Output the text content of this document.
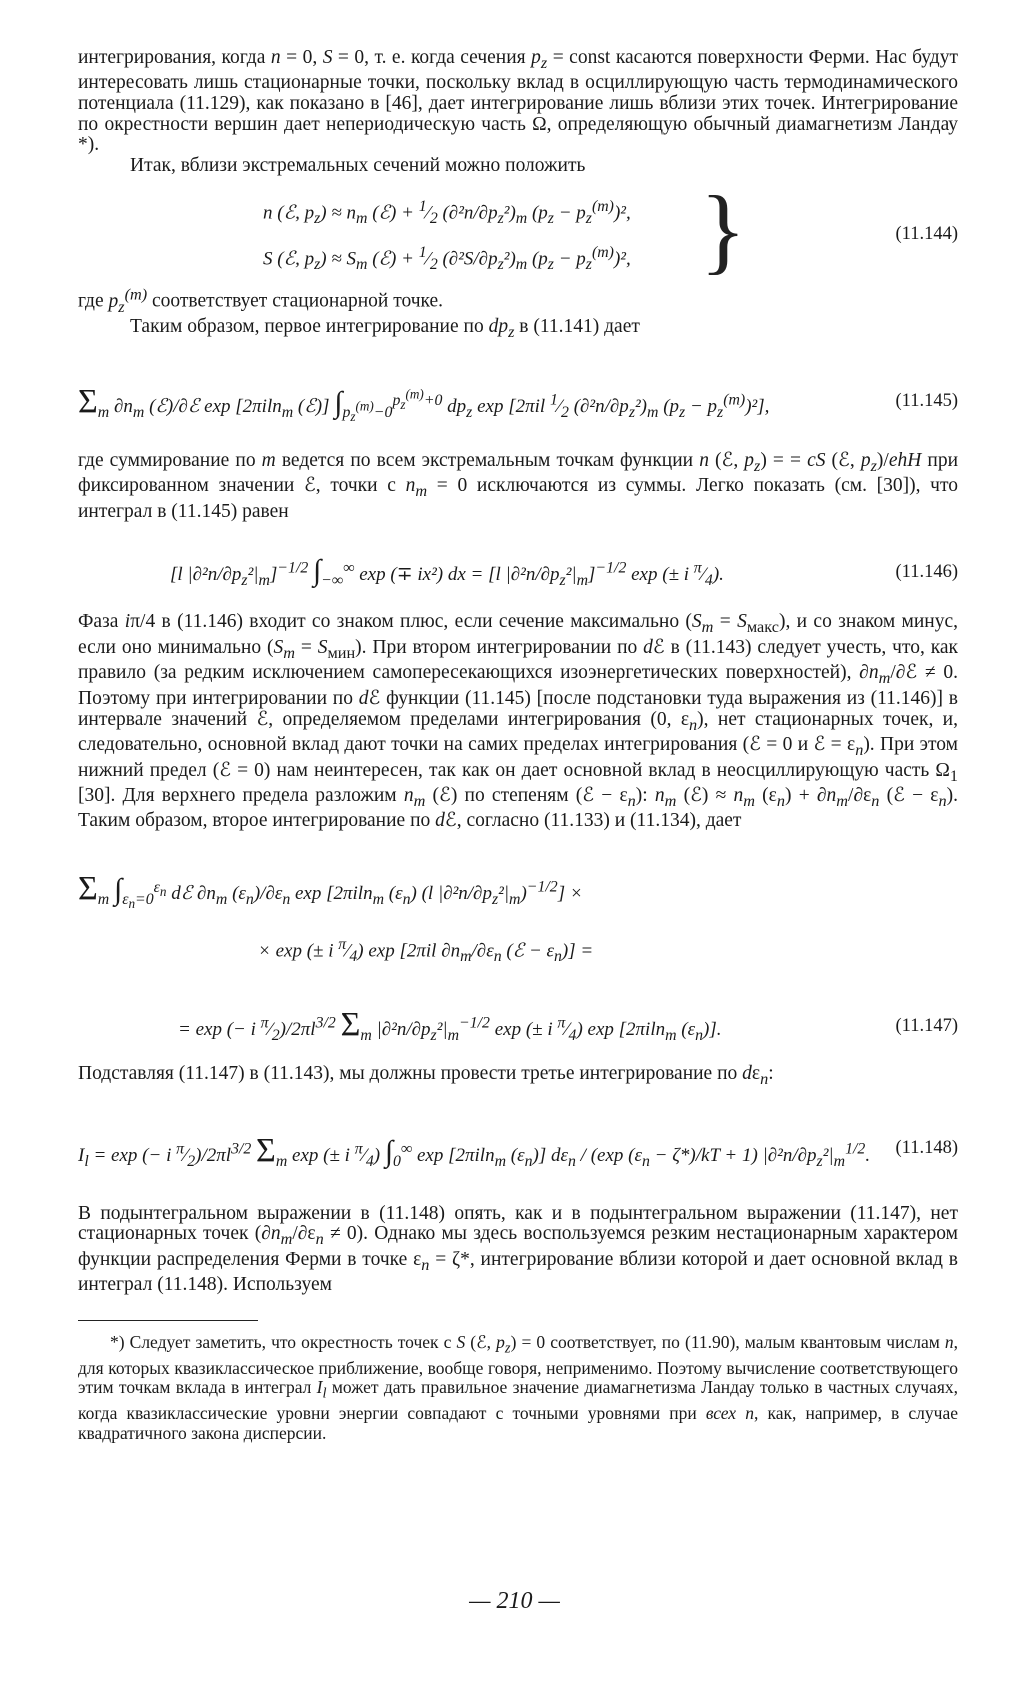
интегрирования, когда n = 0, S = 0, т. е. когда сечения $p_z$ = const касаются поверхности Ферми. Нас будут интересовать лишь стационарные точки, поскольку вклад в осциллирующую часть термодинамического потенциала (11.129), как показано в [46], дает интегрирование лишь вблизи этих точек. Интегрирование по окрестности вершин дает непериодическую часть Ω, определяющую обычный диамагнетизм Ландау *).

Итак, вблизи экстремальных сечений можно положить

n (ℰ, $p_z) \approx n_m$ (ℰ) + $^1⁄_2$ $(\partial^2n/\partial p_z^2)_m$ $(p_z - p_z^{(m)})^2$,
S (ℰ, $p_z) \approx S_m$ (ℰ) + $^1⁄_2$ $(\partial^2S/\partial p_z^2)_m$ $(p_z - p_z^{(m)})^2$, }	(11.144)

где $p_z^{(m)}$ соответствует стационарной точке.

Таким образом, первое интегрирование по $dp_z$ в (11.141) дает

$\Sigma_m$ $\partial n_m$ (ℰ)/∂ℰ exp [2πiln$_m$ (ℰ)] $\int_{p_z^{(m)}-0}^{p_z^{(m)}+0}$ $dp_z$ exp [2πil $^1⁄_2$ $(\partial^2n/\partial p_z^2)_m$ $(p_z - p_z^{(m)})^2$],	(11.145)

где суммирование по m ведется по всем экстремальным точкам функции n (ℰ, $p_z$) = = cS (ℰ, $p_z$)/ehH при фиксированном значении ℰ, точки с $n_m = 0$ исключаются из суммы. Легко показать (см. [30]), что интеграл в (11.145) равен

[l $|\partial^2n/\partial p_z^2|_m]^{-1/2}$ $\int_{-\infty}^\infty$ exp (∓ ix²) dx = [l $|\partial^2n/\partial p_z^2|_m]^{-1/2}$ exp (± i $^\pi⁄_4$).	(11.146)

Фаза iπ/4 в (11.146) входит со знаком плюс, если сечение максимально $(S_m = S_{макс})$, и со знаком минус, если оно минимально $(S_m = S_{мин})$. При втором интегрировании по dℰ в (11.143) следует учесть, что, как правило (за редким исключением самопересекающихся изоэнергетических поверхностей), $\partial n_m/\partial ℰ \ne 0$. Поэтому при интегрировании по dℰ функции (11.145) [после подстановки туда выражения из (11.146)] в интервале значений ℰ, определяемом пределами интегрирования (0, $\varepsilon_n$), нет стационарных точек, и, следовательно, основной вклад дают точки на самих пределах интегрирования (ℰ = 0 и ℰ = $\varepsilon_n$). При этом нижний предел (ℰ = 0) нам неинтересен, так как он дает основной вклад в неосциллирующую часть $\Omega_1$ [30]. Для верхнего предела разложим $n_m$ (ℰ) по степеням (ℰ − $\varepsilon_n$): $n_m$ (ℰ) ≈ $n_m$ $(\varepsilon_n) + \partial n_m/\partial\varepsilon_n$ (ℰ − $\varepsilon_n$). Таким образом, второе интегрирование по dℰ, согласно (11.133) и (11.134), дает

$\Sigma_m$ $\int_{\varepsilon_n=0}^{\varepsilon_n}$ dℰ $\partial n_m$ $(\varepsilon_n)/\partial\varepsilon_n$ exp [2πiln$_m$ $(\varepsilon_n)$ (l $|\partial^2n/\partial p_z^2|_m)^{-1/2}$] ×
× exp (± i $^\pi⁄_4$) exp [2πil $\partial n_m/\partial\varepsilon_n$ (ℰ − $\varepsilon_n$)] =
= exp (− i $^\pi⁄_2)/2\pi l^{3/2}$ $\Sigma_m$ $|\partial^2n/\partial p_z^2|_m^{-1/2}$ exp (± i $^\pi⁄_4$) exp [2πiln$_m$ $(\varepsilon_n)$].	(11.147)

Подставляя (11.147) в (11.143), мы должны провести третье интегрирование по $d\varepsilon_n$:

$I_l = \exp$ (− i $^\pi⁄_2)/2\pi l^{3/2}$ $\Sigma_m$ exp (± i $^\pi⁄_4$) $\int_0^\infty$ exp [2πiln$_m$ $(\varepsilon_n)$] $d\varepsilon_n / (\exp$ $(\varepsilon_n - \zeta*)/kT + 1$) $|\partial^2n/\partial p_z^2|_m^{1/2}$. (11.148)

В подынтегральном выражении в (11.148) опять, как и в подынтегральном выражении (11.147), нет стационарных точек $(\partial n_m/\partial\varepsilon_n \ne 0)$. Однако мы здесь воспользуемся резким нестационарным характером функции распределения Ферми в точке $\varepsilon_n = \zeta*$, интегрирование вблизи которой и дает основной вклад в интеграл (11.148). Используем

*) Следует заметить, что окрестность точек с S (ℰ, $p_z) = 0$ соответствует, по (11.90), малым квантовым числам n, для которых квазиклассическое приближение, вообще говоря, неприменимо. Поэтому вычисление соответствующего этим точкам вклада в интеграл $I_l$ может дать правильное значение диамагнетизма Ландау только в частных случаях, когда квазиклассические уровни энергии совпадают с точными уровнями при всех n, как, например, в случае квадратичного закона дисперсии.

— 210 —
